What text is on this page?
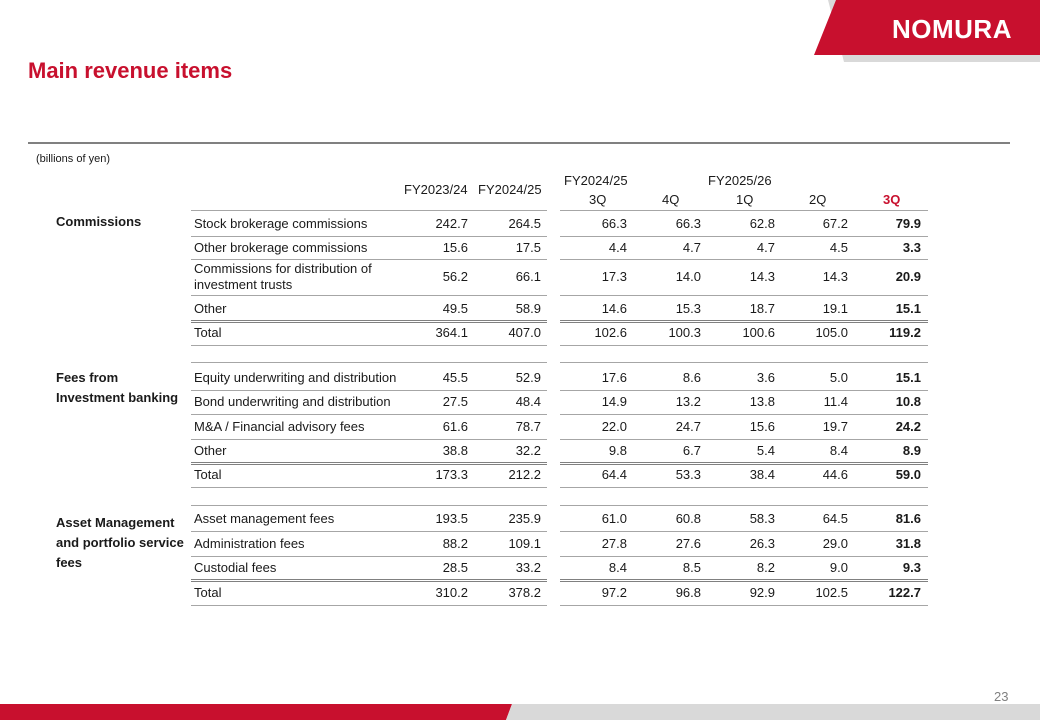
NOMURA
Main revenue items
(billions of yen)
FY2023/24 FY2024/25
FY2024/25	FY2025/26
3Q	4Q	1Q	2Q	3Q
Commissions	Stock brokerage commissions	242.7	264.5	66.3	66.3	62.8	67.2	79.9
Other brokerage commissions	15.6	17.5	4.4	4.7	4.7	4.5	3.3
Commissions for distribution of investment trusts
56.2	66.1	17.3	14.0	14.3	14.3	20.9
Other	49.5	58.9	14.6	15.3	18.7	19.1	15.1
Total	364.1	407.0	102.6	100.3	100.6	105.0	119.2
Fees from Investment banking
Equity underwriting and distribution	45.5	52.9	17.6	8.6	3.6	5.0	15.1
Bond underwriting and distribution	27.5	48.4	14.9	13.2	13.8	11.4	10.8
M&A / Financial advisory fees	61.6	78.7	22.0	24.7	15.6	19.7	24.2
Other	38.8	32.2	9.8	6.7	5.4	8.4	8.9
Total	173.3	212.2	64.4	53.3	38.4	44.6	59.0
Asset Management and portfolio service fees
Asset management fees	193.5	235.9	61.0	60.8	58.3	64.5	81.6
Administration fees	88.2	109.1	27.8	27.6	26.3	29.0	31.8
Custodial fees	28.5	33.2	8.4	8.5	8.2	9.0	9.3
Total	310.2	378.2	97.2	96.8	92.9	102.5	122.7
23
